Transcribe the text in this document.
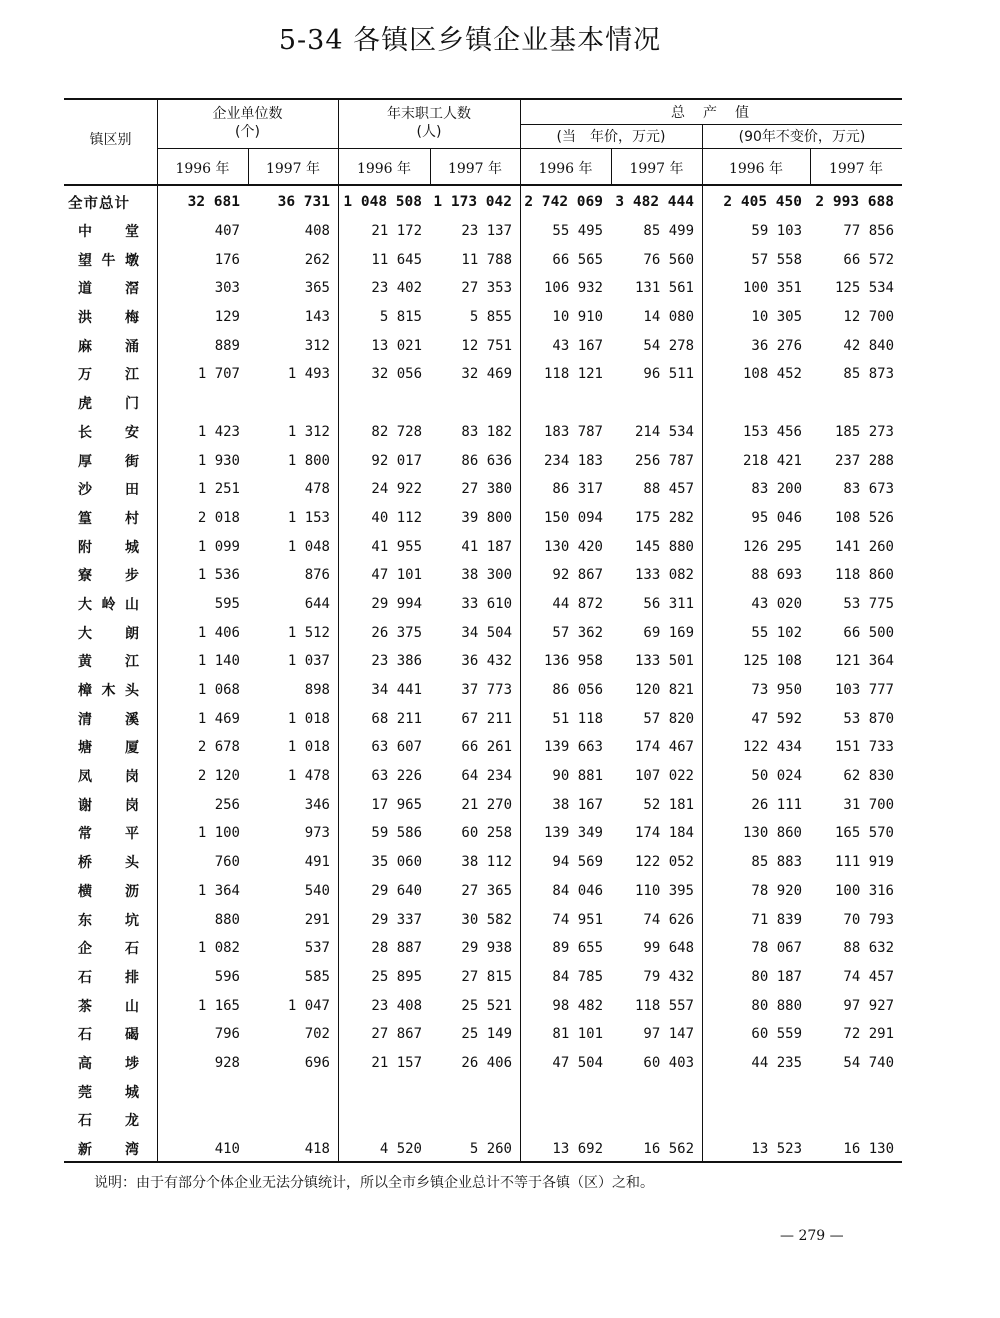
5-34 各镇区乡镇企业基本情况
镇区别
企业单位数
(个)
年末职工人数
(人)
总　产　值
(当　年价，万元)	(90年不变价，万元)
1996 年	1997 年	1996 年	1997 年	1996 年	1997 年	1996 年	1997 年
全市总计	32 681	36 731	1 048 508	1 173 042	2 742 069	3 482 444	2 405 450	2 993 688
中　堂	407	408	21 172	23 137	55 495	85 499	59 103	77 856
望牛墩	176	262	11 645	11 788	66 565	76 560	57 558	66 572
道　滘	303	365	23 402	27 353	106 932	131 561	100 351	125 534
洪　梅	129	143	5 815	5 855	10 910	14 080	10 305	12 700
麻　涌	889	312	13 021	12 751	43 167	54 278	36 276	42 840
万　江	1 707	1 493	32 056	32 469	118 121	96 511	108 452	85 873
虎　门								
长　安	1 423	1 312	82 728	83 182	183 787	214 534	153 456	185 273
厚　街	1 930	1 800	92 017	86 636	234 183	256 787	218 421	237 288
沙　田	1 251	478	24 922	27 380	86 317	88 457	83 200	83 673
篁　村	2 018	1 153	40 112	39 800	150 094	175 282	95 046	108 526
附　城	1 099	1 048	41 955	41 187	130 420	145 880	126 295	141 260
寮　步	1 536	876	47 101	38 300	92 867	133 082	88 693	118 860
大岭山	595	644	29 994	33 610	44 872	56 311	43 020	53 775
大　朗	1 406	1 512	26 375	34 504	57 362	69 169	55 102	66 500
黄　江	1 140	1 037	23 386	36 432	136 958	133 501	125 108	121 364
樟木头	1 068	898	34 441	37 773	86 056	120 821	73 950	103 777
清　溪	1 469	1 018	68 211	67 211	51 118	57 820	47 592	53 870
塘　厦	2 678	1 018	63 607	66 261	139 663	174 467	122 434	151 733
凤　岗	2 120	1 478	63 226	64 234	90 881	107 022	50 024	62 830
谢　岗	256	346	17 965	21 270	38 167	52 181	26 111	31 700
常　平	1 100	973	59 586	60 258	139 349	174 184	130 860	165 570
桥　头	760	491	35 060	38 112	94 569	122 052	85 883	111 919
横　沥	1 364	540	29 640	27 365	84 046	110 395	78 920	100 316
东　坑	880	291	29 337	30 582	74 951	74 626	71 839	70 793
企　石	1 082	537	28 887	29 938	89 655	99 648	78 067	88 632
石　排	596	585	25 895	27 815	84 785	79 432	80 187	74 457
茶　山	1 165	1 047	23 408	25 521	98 482	118 557	80 880	97 927
石　碣	796	702	27 867	25 149	81 101	97 147	60 559	72 291
高　埗	928	696	21 157	26 406	47 504	60 403	44 235	54 740
莞　城								
石　龙								
新　湾	410	418	4 520	5 260	13 692	16 562	13 523	16 130
说明：由于有部分个体企业无法分镇统计，所以全市乡镇企业总计不等于各镇（区）之和。
— 279 —
